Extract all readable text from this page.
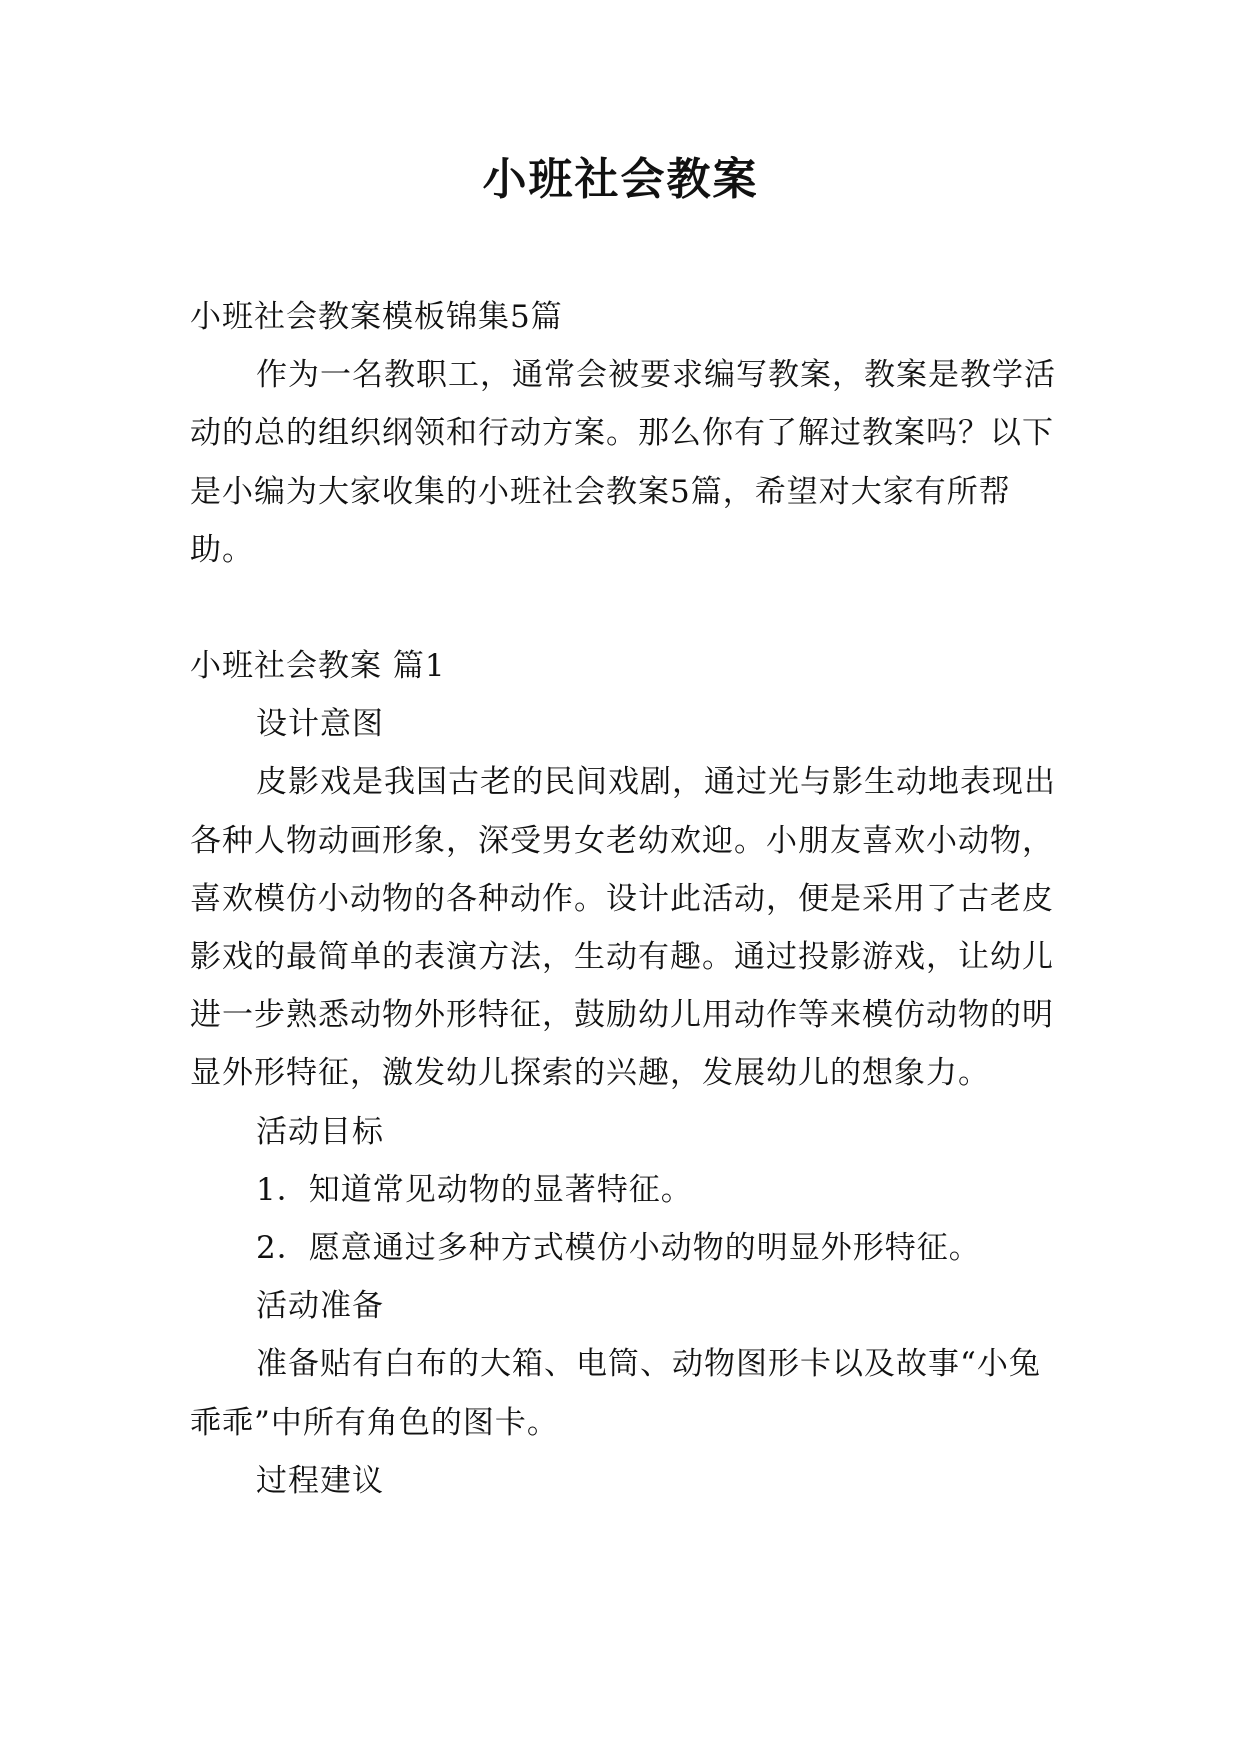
小班社会教案

小班社会教案模板锦集5篇

作为一名教职工，通常会被要求编写教案，教案是教学活动的总的组织纲领和行动方案。那么你有了解过教案吗？以下是小编为大家收集的小班社会教案5篇，希望对大家有所帮助。

小班社会教案 篇1

设计意图

皮影戏是我国古老的民间戏剧，通过光与影生动地表现出各种人物动画形象，深受男女老幼欢迎。小朋友喜欢小动物，喜欢模仿小动物的各种动作。设计此活动，便是采用了古老皮影戏的最简单的表演方法，生动有趣。通过投影游戏，让幼儿进一步熟悉动物外形特征，鼓励幼儿用动作等来模仿动物的明显外形特征，激发幼儿探索的兴趣，发展幼儿的想象力。

活动目标

1．知道常见动物的显著特征。

2．愿意通过多种方式模仿小动物的明显外形特征。

活动准备

准备贴有白布的大箱、电筒、动物图形卡以及故事“小兔乖乖”中所有角色的图卡。

过程建议
